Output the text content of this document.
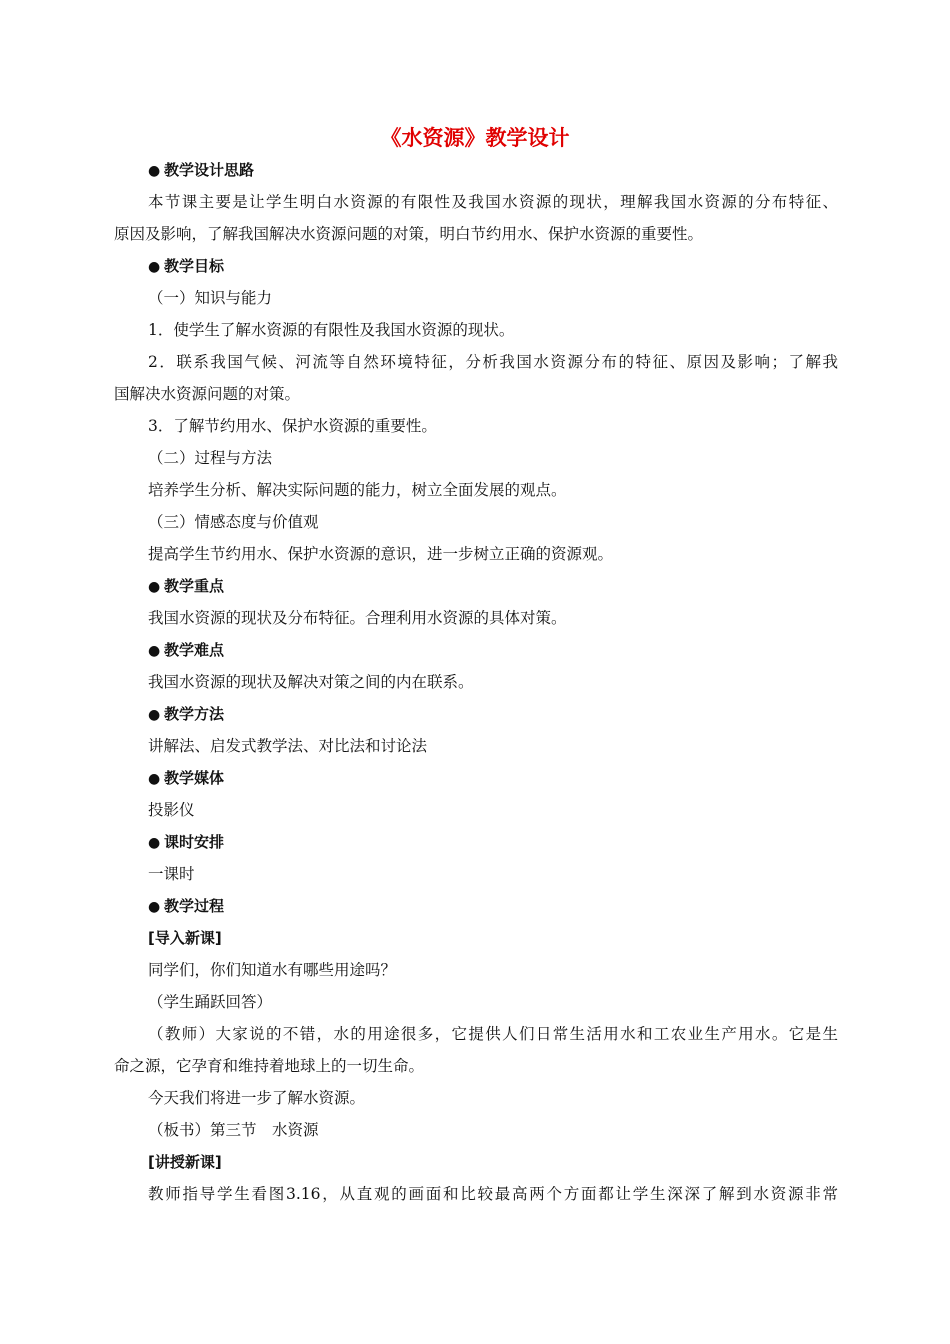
《水资源》教学设计

● 教学设计思路

本节课主要是让学生明白水资源的有限性及我国水资源的现状，理解我国水资源的分布特征、

原因及影响，了解我国解决水资源问题的对策，明白节约用水、保护水资源的重要性。

● 教学目标

（一）知识与能力

1．使学生了解水资源的有限性及我国水资源的现状。

2．联系我国气候、河流等自然环境特征，分析我国水资源分布的特征、原因及影响；了解我

国解决水资源问题的对策。

3．了解节约用水、保护水资源的重要性。

（二）过程与方法

培养学生分析、解决实际问题的能力，树立全面发展的观点。

（三）情感态度与价值观

提高学生节约用水、保护水资源的意识，进一步树立正确的资源观。

● 教学重点

我国水资源的现状及分布特征。合理利用水资源的具体对策。

● 教学难点

我国水资源的现状及解决对策之间的内在联系。

● 教学方法

讲解法、启发式教学法、对比法和讨论法

● 教学媒体

投影仪

● 课时安排

一课时

● 教学过程

[导入新课]

同学们，你们知道水有哪些用途吗？

（学生踊跃回答）

（教师）大家说的不错，水的用途很多，它提供人们日常生活用水和工农业生产用水。它是生

命之源，它孕育和维持着地球上的一切生命。

今天我们将进一步了解水资源。

（板书）第三节　水资源

[讲授新课]

教师指导学生看图3.16，从直观的画面和比较最高两个方面都让学生深深了解到水资源非常
